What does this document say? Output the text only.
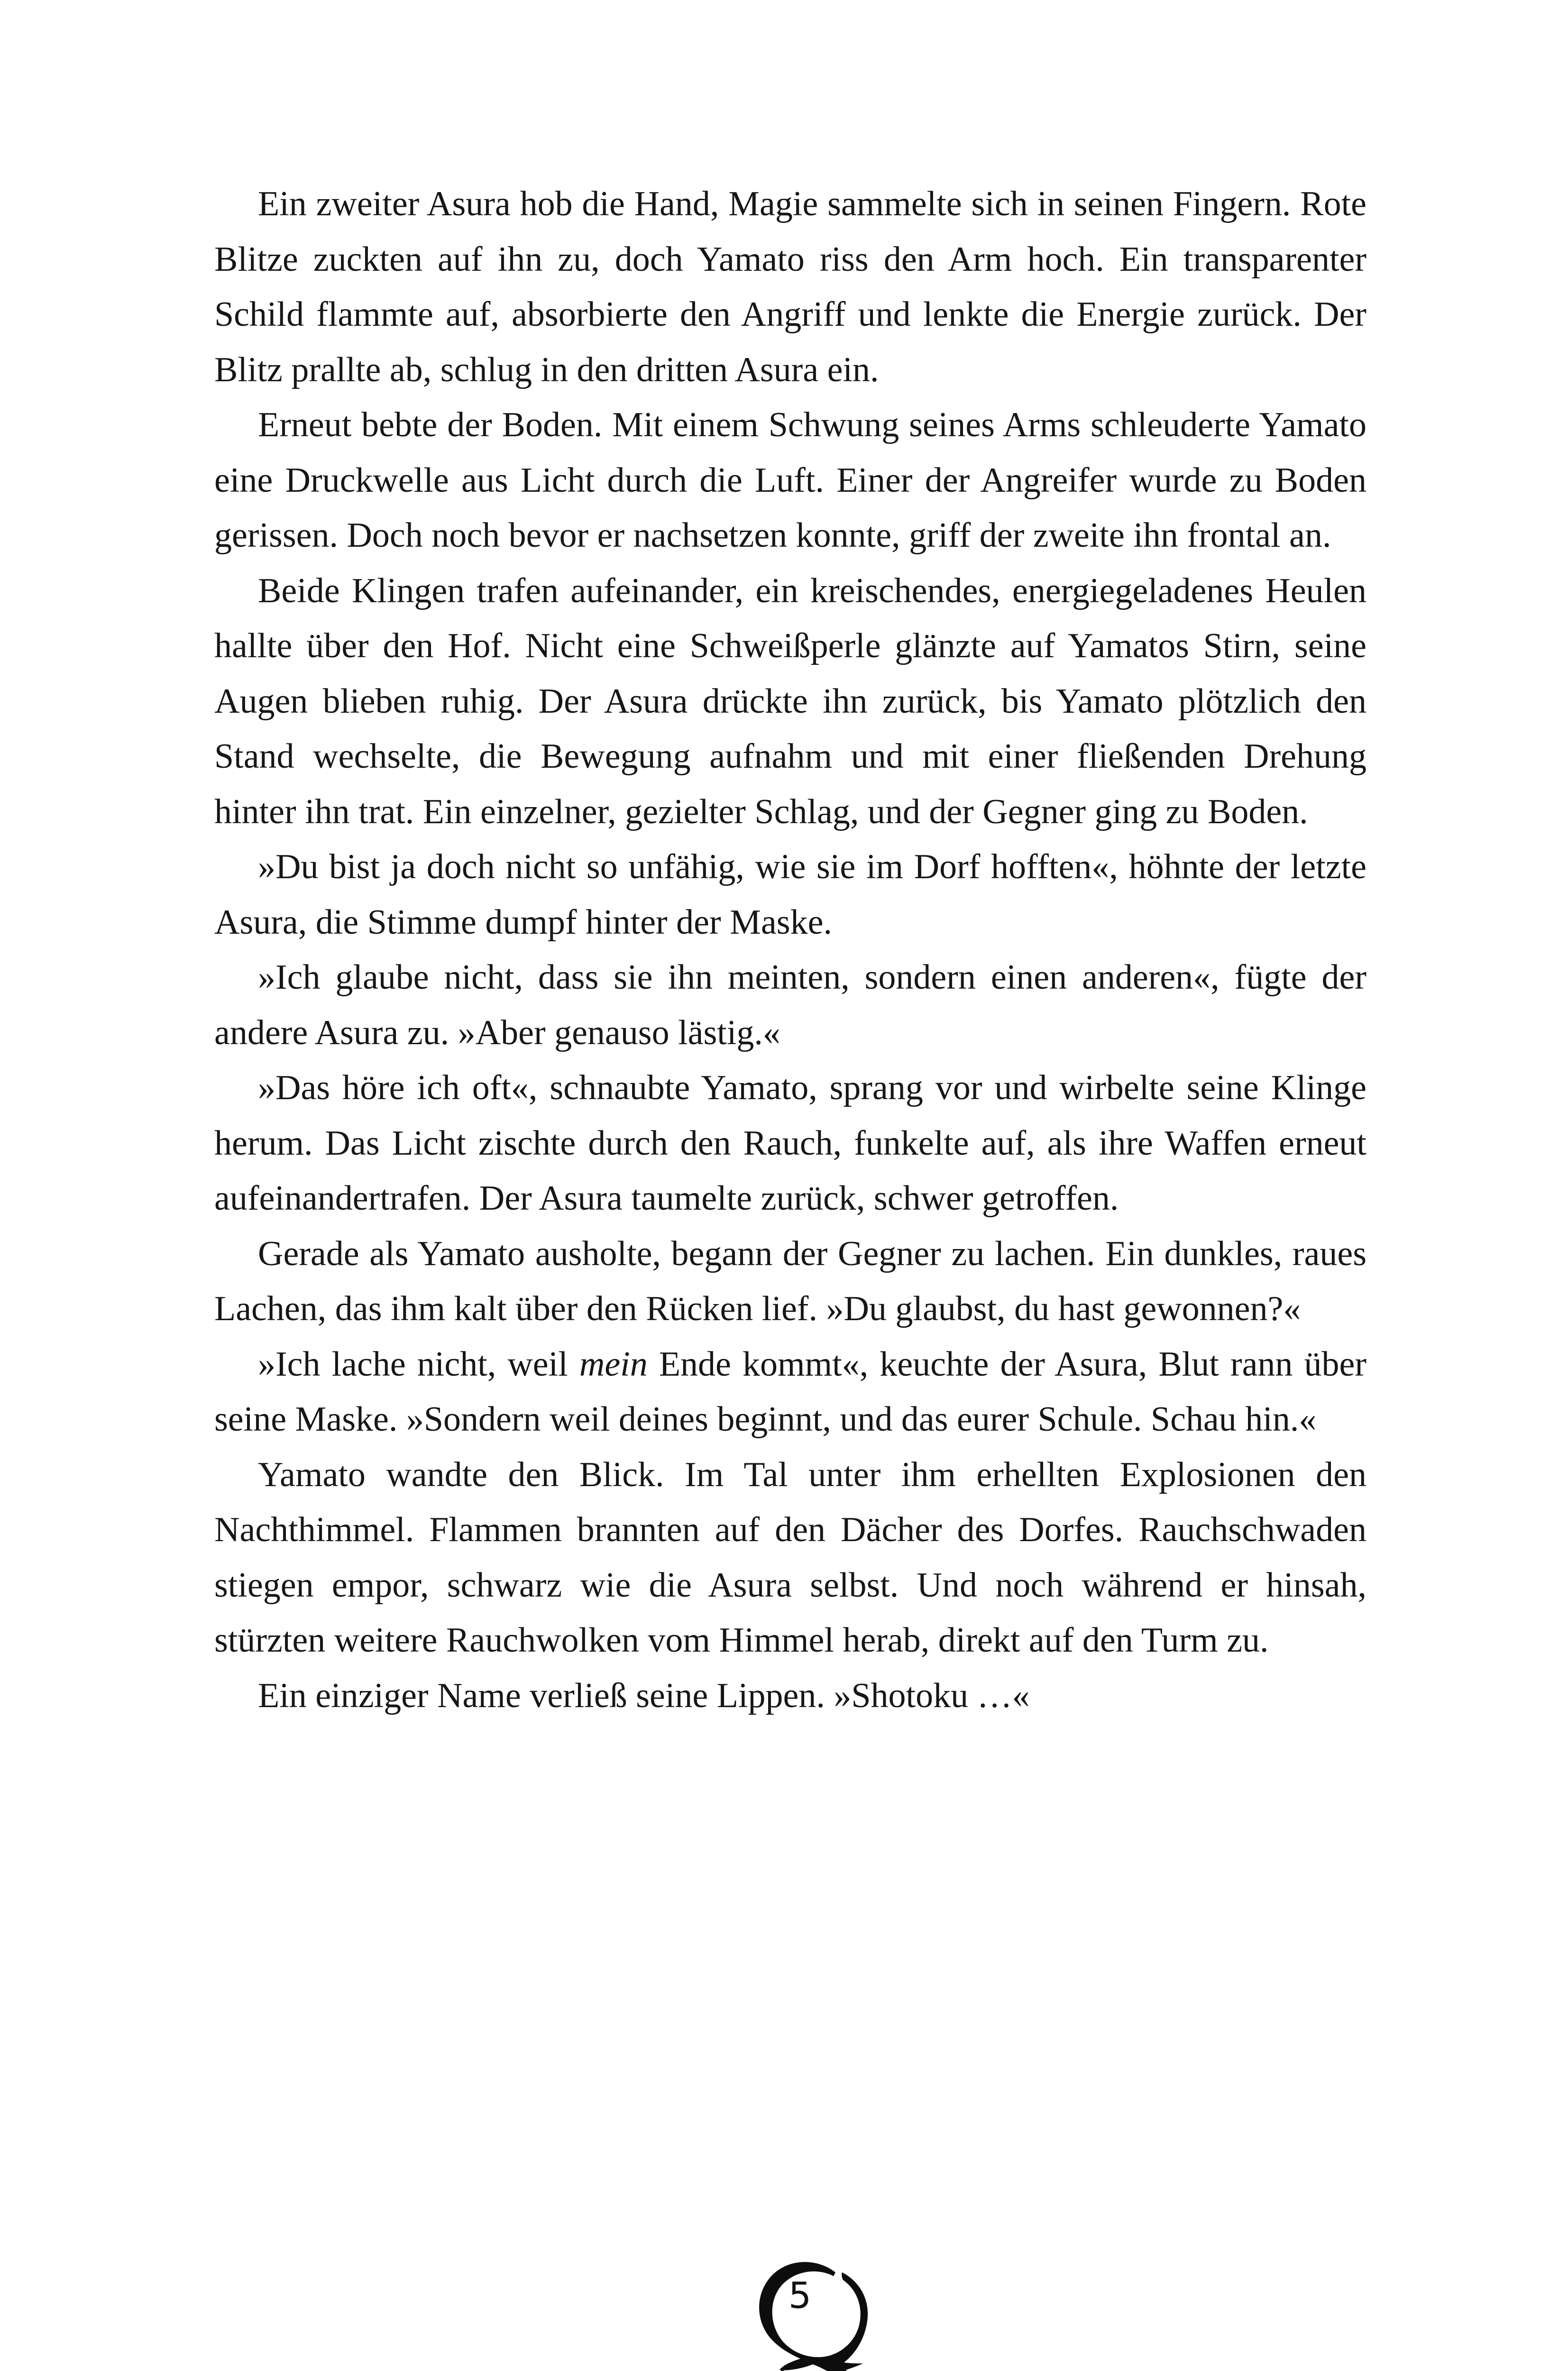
Ein zweiter Asura hob die Hand, Magie sammelte sich in seinen Fingern. Rote Blitze zuckten auf ihn zu, doch Yamato riss den Arm hoch. Ein transparenter Schild flammte auf, absorbierte den Angriff und lenkte die Energie zurück. Der Blitz prallte ab, schlug in den dritten Asura ein.

Erneut bebte der Boden. Mit einem Schwung seines Arms schleuderte Yamato eine Druckwelle aus Licht durch die Luft. Einer der Angreifer wurde zu Boden gerissen. Doch noch bevor er nachsetzen konnte, griff der zweite ihn frontal an.

Beide Klingen trafen aufeinander, ein kreischendes, energiegeladenes Heulen hallte über den Hof. Nicht eine Schweißperle glänzte auf Yamatos Stirn, seine Augen blieben ruhig. Der Asura drückte ihn zurück, bis Yamato plötzlich den Stand wechselte, die Bewegung aufnahm und mit einer fließenden Drehung hinter ihn trat. Ein einzelner, gezielter Schlag, und der Gegner ging zu Boden.

»Du bist ja doch nicht so unfähig, wie sie im Dorf hofften«, höhnte der letzte Asura, die Stimme dumpf hinter der Maske.

»Ich glaube nicht, dass sie ihn meinten, sondern einen anderen«, fügte der andere Asura zu. »Aber genauso lästig.«

»Das höre ich oft«, schnaubte Yamato, sprang vor und wirbelte seine Klinge herum. Das Licht zischte durch den Rauch, funkelte auf, als ihre Waffen erneut aufeinandertrafen. Der Asura taumelte zurück, schwer getroffen.

Gerade als Yamato ausholte, begann der Gegner zu lachen. Ein dunkles, raues Lachen, das ihm kalt über den Rücken lief. »Du glaubst, du hast gewonnen?«

»Ich lache nicht, weil mein Ende kommt«, keuchte der Asura, Blut rann über seine Maske. »Sondern weil deines beginnt, und das eurer Schule. Schau hin.«

Yamato wandte den Blick. Im Tal unter ihm erhellten Explosionen den Nachthimmel. Flammen brannten auf den Dächer des Dorfes. Rauchschwaden stiegen empor, schwarz wie die Asura selbst. Und noch während er hinsah, stürzten weitere Rauchwolken vom Himmel herab, direkt auf den Turm zu.

Ein einziger Name verließ seine Lippen. »Shotoku …«

5
